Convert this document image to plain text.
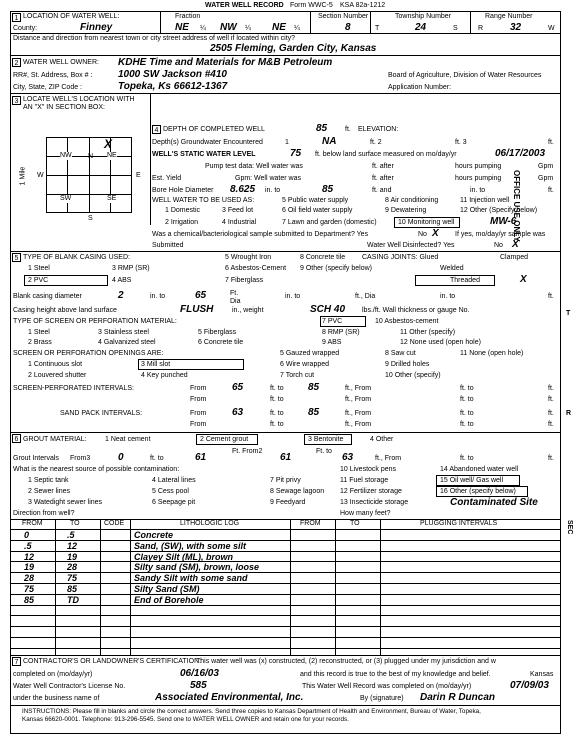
WATER WELL RECORD Form WWC-5 KSA 82a-1212
1 LOCATION OF WATER WELL:	Fraction	Section Number	Township Number	Range Number
County:	Finney	NE ¼ NW ¼ NE ¼	8	T	24	S	R	32	W
Distance and direction from nearest town or city street address of well if located within city?
2505 Fleming, Garden City, Kansas
2 WATER WELL OWNER: KDHE Time and Materials for M&B Petroleum
RR#, St. Address, Box # :	1000 SW Jackson #410	Board of Agriculture, Division of Water Resources
City, State, ZIP Code :	Topeka, Ks 66612-1367	Application Number:
3 LOCATE WELL'S LOCATION WITH
AN "X" IN SECTION BOX:
NW	NE
SW	SE
X
W	E
S
1 Mile
4 DEPTH OF COMPLETED WELL	85	ft. ELEVATION:
Depth(s) Groundwater Encountered	1	NA	ft. 2	ft. 3	ft.
WELL'S STATIC WATER LEVEL	75 ft. below land surface measured on mo/day/yr	06/17/2003
Pump test data: Well water was	ft. after	hours pumping	Gpm
Est. Yield	Gpm: Well water was	ft. after	hours pumping	Gpm
Bore Hole Diameter 8.625 in. to	85	ft. and	in. to	ft.
WELL WATER TO BE USED AS:	5 Public water supply	8 Air conditioning	11 Injection well
1 Domestic	3 Feed lot	6 Oil field water supply	9 Dewatering	12 Other (Specify below)
2 Irrigation	4 Industrial	7 Lawn and garden (domestic)	10 Monitoring well	MW-6
Was a chemical/bacteriological sample submitted to Department? Yes	No X If yes, mo/day/yr sample was
Submitted	Water Well Disinfected? Yes	No X
5 TYPE OF BLANK CASING USED:	5 Wrought Iron	8 Concrete tile CASING JOINTS: Glued	Clamped
1 Steel	3 RMP (SR)	6 Asbestos-Cement 9 Other (specify below)	Welded
2 PVC	4 ABS	7 Fiberglass	Threaded	X
Blank casing diameter	2	in. to	65	Ft. Dia
in. to	ft., Dia	in. to	ft.
Casing height above land surface	FLUSH	in., weight	SCH 40 lbs./ft. Wall thickness or gauge No.
TYPE OF SCREEN OR PERFORATION MATERIAL:	7 PVC	10 Asbestos-cement
1 Steel	3 Stainless steel	5 Fiberglass	8 RMP (SR)	11 Other (specify)
2 Brass	4 Galvanized steel	6 Concrete tile	9 ABS	12 None used (open hole)
SCREEN OR PERFORATION OPENINGS ARE:	5 Gauzed wrapped	8 Saw cut	11 None (open hole)
1 Continuous slot	3 Mill slot	6 Wire wrapped	9 Drilled holes
2 Louvered shutter	4 Key punched	7 Torch cut	10 Other (specify)
SCREEN-PERFORATED INTERVALS:	From	65	ft. to 85	ft., From	ft. to	ft.
From	ft. to	ft., From	ft. to	ft.
SAND PACK INTERVALS:	From	63	ft. to 85	ft., From	ft. to	ft.
From	ft. to	ft., From	ft. to	ft.
6 GROUT MATERIAL:	1 Neat cement	2 Cement grout	3 Bentonite	4 Other
Grout Intervals From3	0	ft. to	61
Ft. From2
61
Ft. to
63	ft., From	ft. to	ft.
What is the nearest source of possible contamination:	10 Livestock pens	14 Abandoned water well
1 Septic tank	4 Lateral lines	7 Pit privy	11 Fuel storage	15 Oil well/ Gas well
2 Sewer lines	5 Cess pool	8 Sewage lagoon 12 Fertilizer storage	16 Other (specify below)
3 Watedight sewer lines	6 Seepage pit	9 Feedyard	13 Insecticide storage	Contaminated Site
Direction from well?	How many feet?
FROM	TO	CODE	LITHOLOGIC LOG	FROM	TO	PLUGGING INTERVALS
0	.5	Concrete
.5	12	Sand, (SW), with some silt
12	19	Clayey Silt (ML), brown
19	28	Silty sand (SM), brown, loose
28	75	Sandy Silt with some sand
75	85	Silty Sand (SM)
85	TD	End of Borehole
7 CONTRACTOR'S OR LANDOWNER'S CERTIFICATION:
This water well was (x) constructed, (2) reconstructed, or (3) plugged under my jurisdiction and w
completed on (mo/day/yr)	06/16/03	and this record is true to the best of my knowledge and belief.	Kansas
Water Well Contractor's License No.	585	This Water Well Record was completed on (mo/day/yr)	07/09/03
under the business name of	Associated Environmental, Inc.	By (signature) Darin R Duncan
INSTRUCTIONS: Please fill in blanks and circle the correct answers. Send three copies to Kansas Department of Health and Environment, Bureau of Water, Topeka,
Kansas 66620-0001. Telephone: 913-296-5545. Send one to WATER WELL OWNER and retain one for your records.
OFFICE USE ONLY
T
R
SEC
